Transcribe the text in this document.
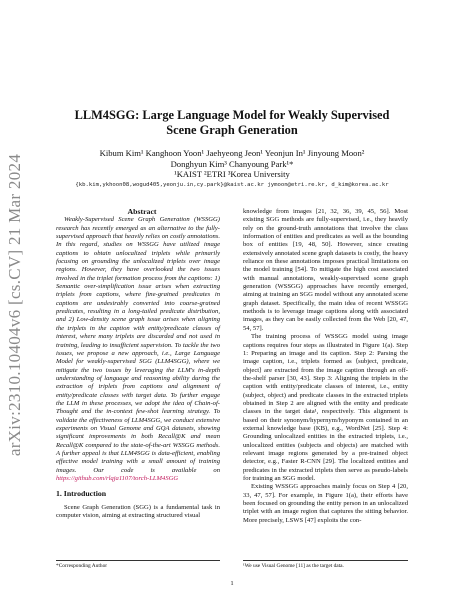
arXiv:2310.10404v6 [cs.CV] 21 Mar 2024
LLM4SGG: Large Language Model for Weakly Supervised
Scene Graph Generation
Kibum Kim¹ Kanghoon Yoon¹ Jaehyeong Jeon¹ Yeonjun In¹ Jinyoung Moon²
Donghyun Kim³ Chanyoung Park¹*
¹KAIST ²ETRI ³Korea University
{kb.kim,ykhoon08,wogud405,yeonju.in,cy.park}@kaist.ac.kr jymoon@etri.re.kr, d_kim@korea.ac.kr

Abstract

Weakly-Supervised Scene Graph Generation (WSSGG) research has recently emerged as an alternative to the fully-supervised approach that heavily relies on costly annotations. In this regard, studies on WSSGG have utilized image captions to obtain unlocalized triplets while primarily focusing on grounding the unlocalized triplets over image regions. However, they have overlooked the two issues involved in the triplet formation process from the captions: 1) Semantic over-simplification issue arises when extracting triplets from captions, where fine-grained predicates in captions are undesirably converted into coarse-grained predicates, resulting in a long-tailed predicate distribution, and 2) Low-density scene graph issue arises when aligning the triplets in the caption with entity/predicate classes of interest, where many triplets are discarded and not used in training, leading to insufficient supervision. To tackle the two issues, we propose a new approach, i.e., Large Language Model for weakly-supervised SGG (LLM4SGG), where we mitigate the two issues by leveraging the LLM's in-depth understanding of language and reasoning ability during the extraction of triplets from captions and alignment of entity/predicate classes with target data. To further engage the LLM in these processes, we adopt the idea of Chain-of-Thought and the in-context few-shot learning strategy. To validate the effectiveness of LLM4SGG, we conduct extensive experiments on Visual Genome and GQA datasets, showing significant improvements in both Recall@K and mean Recall@K compared to the state-of-the-art WSSGG methods. A further appeal is that LLM4SGG is data-efficient, enabling effective model training with a small amount of training images. Our code is available on https://github.com/rlqja1107/torch-LLM4SGG

1. Introduction

Scene Graph Generation (SGG) is a fundamental task in computer vision, aiming at extracting structured visual

*Corresponding Author

knowledge from images [21, 32, 36, 39, 45, 56]. Most existing SGG methods are fully-supervised, i.e., they heavily rely on the ground-truth annotations that involve the class information of entities and predicates as well as the bounding box of entities [19, 48, 50]. However, since creating extensively annotated scene graph datasets is costly, the heavy reliance on these annotations imposes practical limitations on the model training [54]. To mitigate the high cost associated with manual annotations, weakly-supervised scene graph generation (WSSGG) approaches have recently emerged, aiming at training an SGG model without any annotated scene graph dataset. Specifically, the main idea of recent WSSGG methods is to leverage image captions along with associated images, as they can be easily collected from the Web [20, 47, 54, 57].

The training process of WSSGG model using image captions requires four steps as illustrated in Figure 1(a). Step 1: Preparing an image and its caption. Step 2: Parsing the image caption, i.e., triplets formed as ⟨subject, predicate, object⟩ are extracted from the image caption through an off-the-shelf parser [30, 43]. Step 3: Aligning the triplets in the caption with entity/predicate classes of interest, i.e., entity (subject, object) and predicate classes in the extracted triplets obtained in Step 2 are aligned with the entity and predicate classes in the target data¹, respectively. This alignment is based on their synonym/hypernym/hyponym contained in an external knowledge base (KB), e.g., WordNet [25]. Step 4: Grounding unlocalized entities in the extracted triplets, i.e., unlocalized entities (subjects and objects) are matched with relevant image regions generated by a pre-trained object detector, e.g., Faster R-CNN [29]. The localized entities and predicates in the extracted triplets then serve as pseudo-labels for training an SGG model.

Existing WSSGG approaches mainly focus on Step 4 [20, 33, 47, 57]. For example, in Figure 1(a), their efforts have been focused on grounding the entity person in an unlocalized triplet with an image region that captures the sitting behavior. More precisely, LSWS [47] exploits the con-

¹We use Visual Genome [11] as the target data.
1
